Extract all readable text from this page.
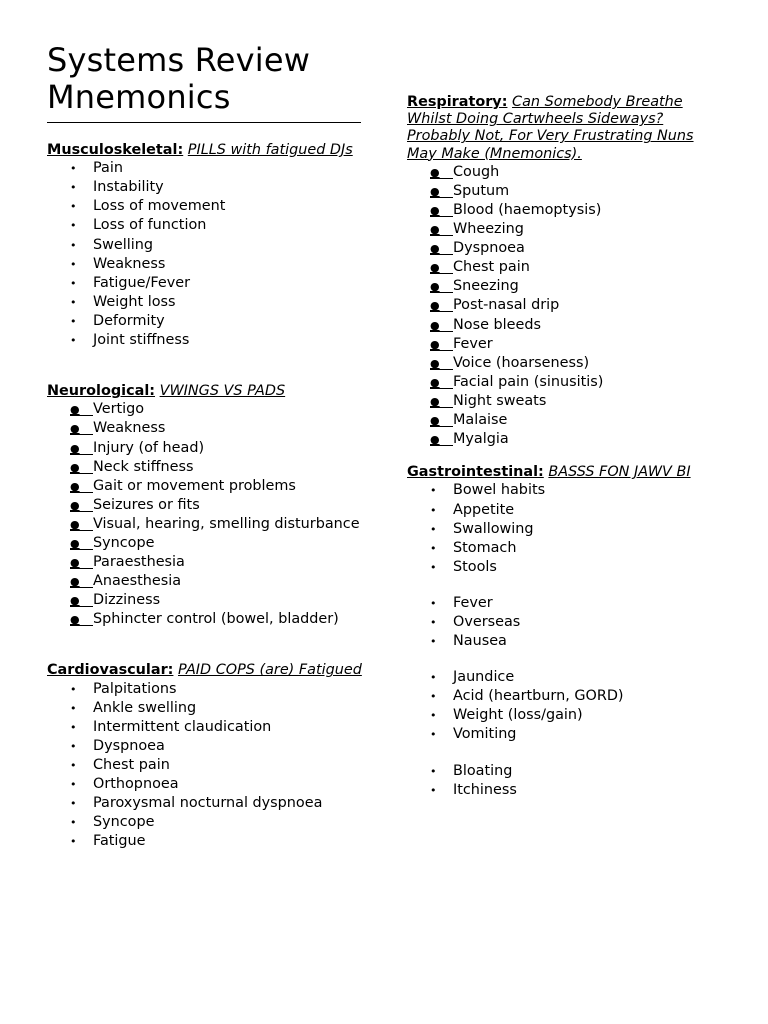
Systems Review Mnemonics

Musculoskeletal: PILLS with fatigued DJs

• Pain
• Instability
• Loss of movement
• Loss of function
• Swelling
• Weakness
• Fatigue/Fever
• Weight loss
• Deformity
• Joint stiffness

Neurological: VWINGS VS PADS

● Vertigo
● Weakness
● Injury (of head)
● Neck stiffness
● Gait or movement problems
● Seizures or fits
● Visual, hearing, smelling disturbance
● Syncope
● Paraesthesia
● Anaesthesia
● Dizziness
● Sphincter control (bowel, bladder)

Cardiovascular: PAID COPS (are) Fatigued

• Palpitations
• Ankle swelling
• Intermittent claudication
• Dyspnoea
• Chest pain
• Orthopnoea
• Paroxysmal nocturnal dyspnoea
• Syncope
• Fatigue

Respiratory: Can Somebody Breathe Whilst Doing Cartwheels Sideways? Probably Not, For Very Frustrating Nuns May Make (Mnemonics).

● Cough
● Sputum
● Blood (haemoptysis)
● Wheezing
● Dyspnoea
● Chest pain
● Sneezing
● Post-nasal drip
● Nose bleeds
● Fever
● Voice (hoarseness)
● Facial pain (sinusitis)
● Night sweats
● Malaise
● Myalgia

Gastrointestinal: BASSS FON JAWV BI

• Bowel habits
• Appetite
• Swallowing
• Stomach
• Stools
• Fever
• Overseas
• Nausea
• Jaundice
• Acid (heartburn, GORD)
• Weight (loss/gain)
• Vomiting
• Bloating
• Itchiness
